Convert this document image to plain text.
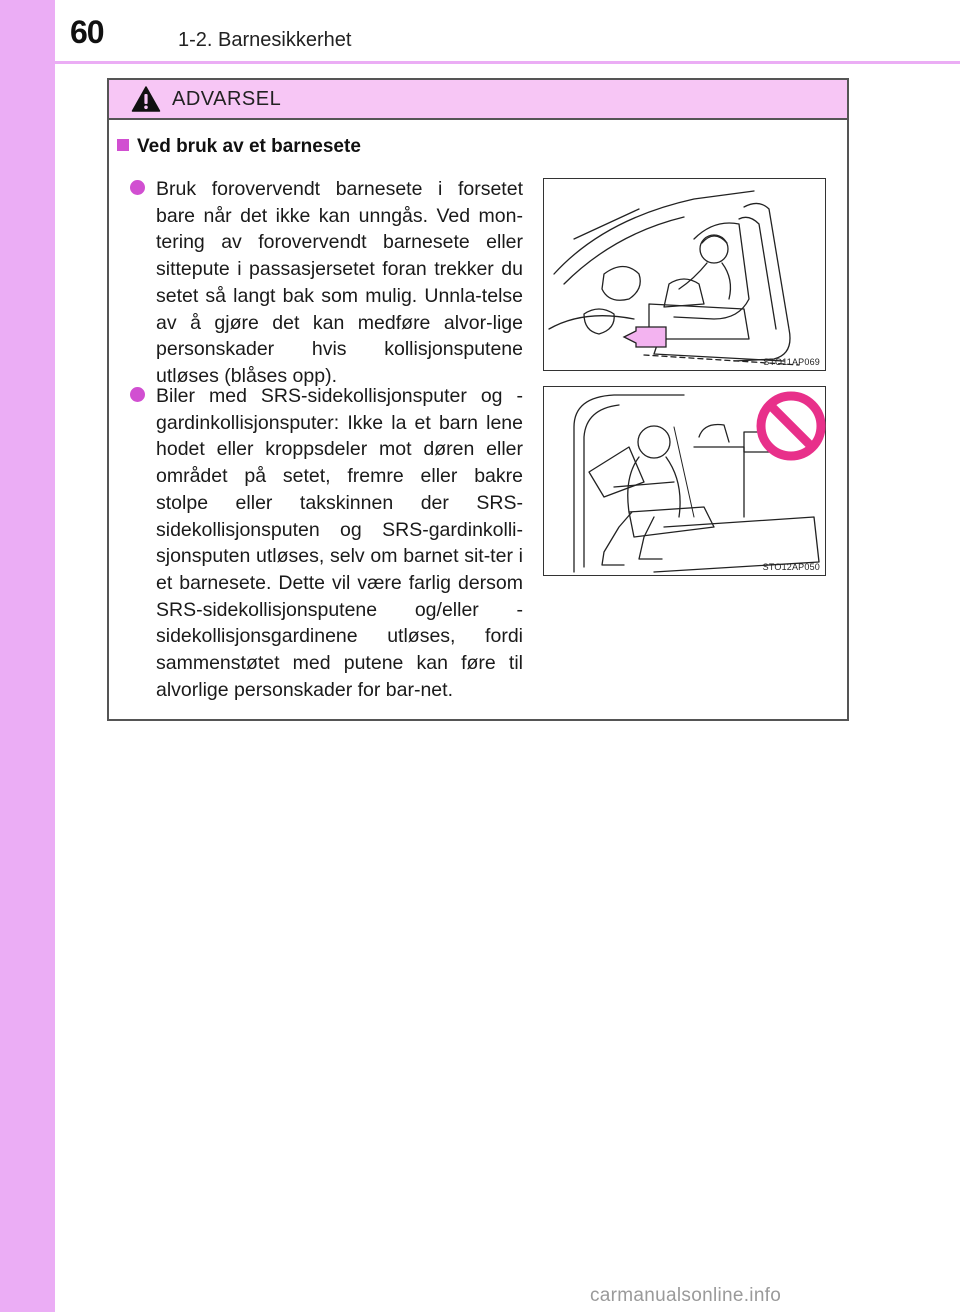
60	1-2. Barnesikkerhet
ADVARSEL
Ved bruk av et barnesete

Bruk forovervendt barnesete i forsetet bare når det ikke kan unngås. Ved mon-tering av forovervendt barnesete eller sittepute i passasjersetet foran trekker du setet så langt bak som mulig. Unnla-telse av å gjøre det kan medføre alvor-lige personskader hvis kollisjonsputene utløses (blåses opp).

STO11AP069

Biler med SRS-sidekollisjonsputer og -gardinkollisjonsputer: Ikke la et barn lene hodet eller kroppsdeler mot døren eller området på setet, fremre eller bakre stolpe eller takskinnen der SRS-sidekollisjonsputen og SRS-gardinkolli-sjonsputen utløses, selv om barnet sit-ter i et barnesete. Dette vil være farlig dersom SRS-sidekollisjonsputene og/eller -sidekollisjonsgardinene utløses, fordi sammenstøtet med putene kan føre til alvorlige personskader for bar-net.

STO12AP050
carmanualsonline.info
